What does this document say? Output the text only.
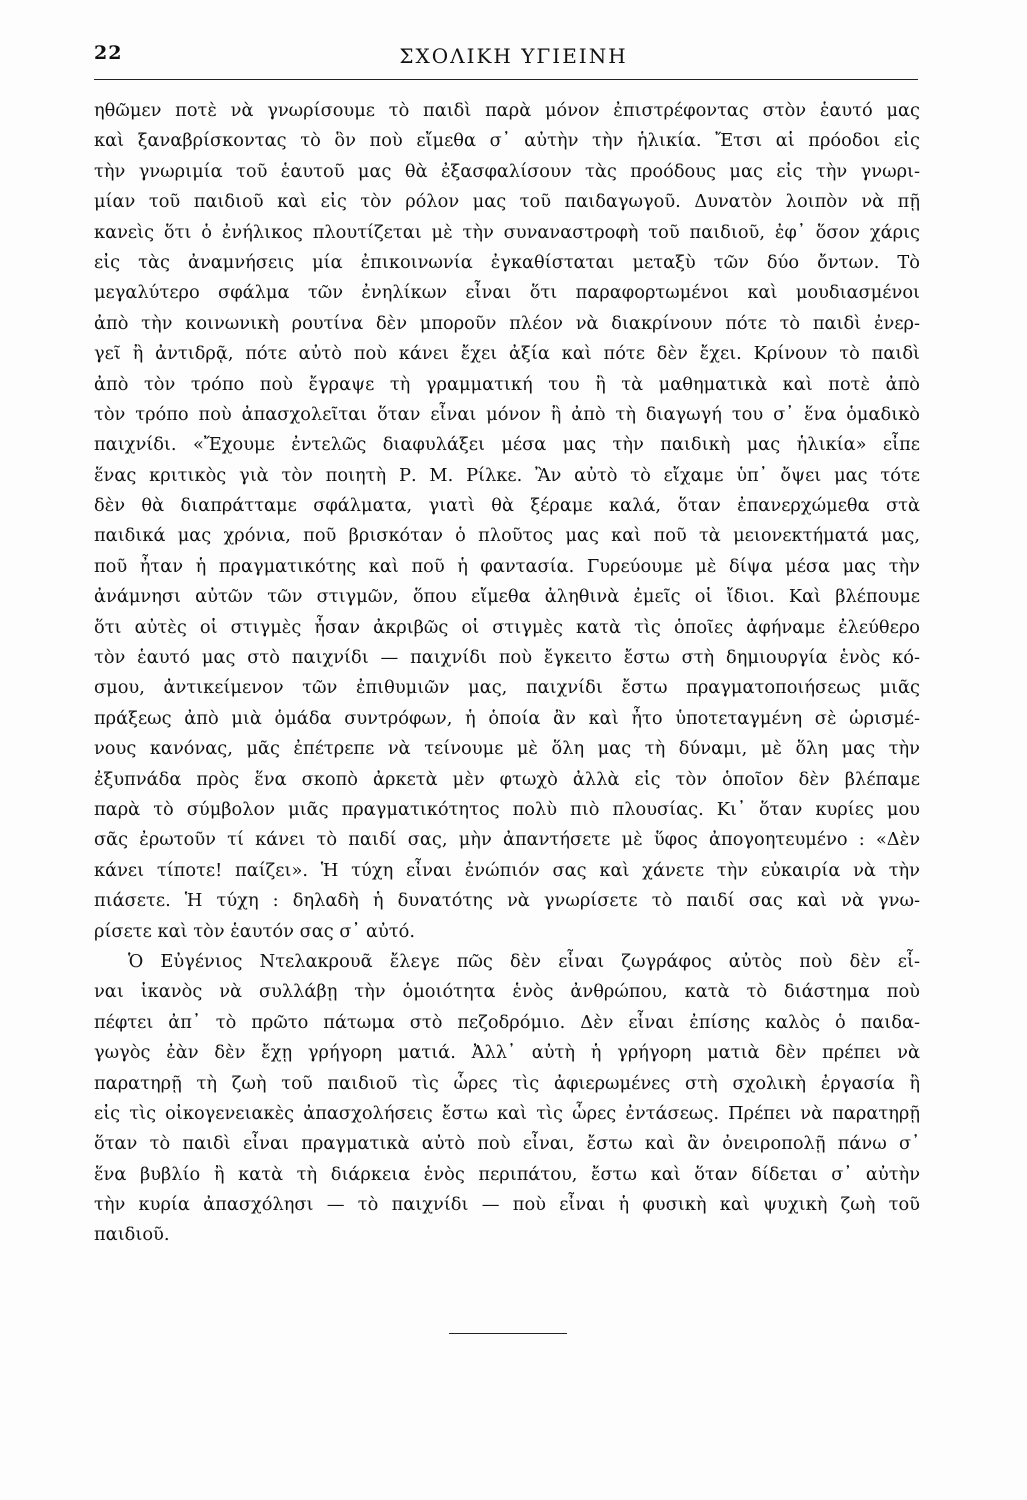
22	ΣΧΟΛΙΚΗ ΥΓΙΕΙΝΗ
ηθῶμεν ποτὲ νὰ γνωρίσουμε τὸ παιδὶ παρὰ μόνον ἐπιστρέφοντας στὸν ἑαυτό μας
καὶ ξαναβρίσκοντας τὸ ὃν ποὺ εἴμεθα σ᾽ αὐτὴν τὴν ἡλικία. Ἔτσι αἱ πρόοδοι εἰς
τὴν γνωριμία τοῦ ἑαυτοῦ μας θὰ ἐξασφαλίσουν τὰς προόδους μας εἰς τὴν γνωρι-
μίαν τοῦ παιδιοῦ καὶ εἰς τὸν ρόλον μας τοῦ παιδαγωγοῦ. Δυνατὸν λοιπὸν νὰ πῇ
κανεὶς ὅτι ὁ ἐνήλικος πλουτίζεται μὲ τὴν συναναστροφὴ τοῦ παιδιοῦ, ἐφ᾽ ὅσον χάρις
εἰς τὰς ἀναμνήσεις μία ἐπικοινωνία ἐγκαθίσταται μεταξὺ τῶν δύο ὄντων. Τὸ
μεγαλύτερο σφάλμα τῶν ἐνηλίκων εἶναι ὅτι παραφορτωμένοι καὶ μουδιασμένοι
ἀπὸ τὴν κοινωνικὴ ρουτίνα δὲν μποροῦν πλέον νὰ διακρίνουν πότε τὸ παιδὶ ἐνερ-
γεῖ ἢ ἀντιδρᾷ, πότε αὐτὸ ποὺ κάνει ἔχει ἀξία καὶ πότε δὲν ἔχει. Κρίνουν τὸ παιδὶ
ἀπὸ τὸν τρόπο ποὺ ἔγραψε τὴ γραμματική του ἢ τὰ μαθηματικὰ καὶ ποτὲ ἀπὸ
τὸν τρόπο ποὺ ἀπασχολεῖται ὅταν εἶναι μόνον ἢ ἀπὸ τὴ διαγωγή του σ᾽ ἕνα ὁμαδικὸ
παιχνίδι. «Ἔχουμε ἐντελῶς διαφυλάξει μέσα μας τὴν παιδικὴ μας ἡλικία» εἶπε
ἕνας κριτικὸς γιὰ τὸν ποιητὴ Ρ. Μ. Ρίλκε. Ἂν αὐτὸ τὸ εἴχαμε ὑπ᾽ ὄψει μας τότε
δὲν θὰ διαπράτταμε σφάλματα, γιατὶ θὰ ξέραμε καλά, ὅταν ἐπανερχώμεθα στὰ
παιδικά μας χρόνια, ποῦ βρισκόταν ὁ πλοῦτος μας καὶ ποῦ τὰ μειονεκτήματά μας,
ποῦ ἦταν ἡ πραγματικότης καὶ ποῦ ἡ φαντασία. Γυρεύουμε μὲ δίψα μέσα μας τὴν
ἀνάμνησι αὐτῶν τῶν στιγμῶν, ὅπου εἴμεθα ἀληθινὰ ἐμεῖς οἱ ἴδιοι. Καὶ βλέπουμε
ὅτι αὐτὲς οἱ στιγμὲς ἦσαν ἀκριβῶς οἱ στιγμὲς κατὰ τὶς ὁποῖες ἀφήναμε ἐλεύθερο
τὸν ἑαυτό μας στὸ παιχνίδι — παιχνίδι ποὺ ἔγκειτο ἔστω στὴ δημιουργία ἑνὸς κό-
σμου, ἀντικείμενον τῶν ἐπιθυμιῶν μας, παιχνίδι ἔστω πραγματοποιήσεως μιᾶς
πράξεως ἀπὸ μιὰ ὁμάδα συντρόφων, ἡ ὁποία ἂν καὶ ἦτο ὑποτεταγμένη σὲ ὡρισμέ-
νους κανόνας, μᾶς ἐπέτρεπε νὰ τείνουμε μὲ ὅλη μας τὴ δύναμι, μὲ ὅλη μας τὴν
ἐξυπνάδα πρὸς ἕνα σκοπὸ ἀρκετὰ μὲν φτωχὸ ἀλλὰ εἰς τὸν ὁποῖον δὲν βλέπαμε
παρὰ τὸ σύμβολον μιᾶς πραγματικότητος πολὺ πιὸ πλουσίας. Κι᾽ ὅταν κυρίες μου
σᾶς ἐρωτοῦν τί κάνει τὸ παιδί σας, μὴν ἀπαντήσετε μὲ ὕφος ἀπογοητευμένο : «Δὲν
κάνει τίποτε! παίζει». Ἡ τύχη εἶναι ἐνώπιόν σας καὶ χάνετε τὴν εὐκαιρία νὰ τὴν
πιάσετε. Ἡ τύχη : δηλαδὴ ἡ δυνατότης νὰ γνωρίσετε τὸ παιδί σας καὶ νὰ γνω-
ρίσετε καὶ τὸν ἑαυτόν σας σ᾽ αὐτό.
Ὁ Εὐγένιος Ντελακρουᾶ ἔλεγε πῶς δὲν εἶναι ζωγράφος αὐτὸς ποὺ δὲν εἶ-
ναι ἱκανὸς νὰ συλλάβῃ τὴν ὁμοιότητα ἑνὸς ἀνθρώπου, κατὰ τὸ διάστημα ποὺ
πέφτει ἀπ᾽ τὸ πρῶτο πάτωμα στὸ πεζοδρόμιο. Δὲν εἶναι ἐπίσης καλὸς ὁ παιδα-
γωγὸς ἐὰν δὲν ἔχῃ γρήγορη ματιά. Ἀλλ᾽ αὐτὴ ἡ γρήγορη ματιὰ δὲν πρέπει νὰ
παρατηρῇ τὴ ζωὴ τοῦ παιδιοῦ τὶς ὧρες τὶς ἀφιερωμένες στὴ σχολικὴ ἐργασία ἢ
εἰς τὶς οἰκογενειακὲς ἀπασχολήσεις ἔστω καὶ τὶς ὧρες ἐντάσεως. Πρέπει νὰ παρατηρῇ
ὅταν τὸ παιδὶ εἶναι πραγματικὰ αὐτὸ ποὺ εἶναι, ἔστω καὶ ἂν ὀνειροπολῇ πάνω σ᾽
ἕνα βυβλίο ἢ κατὰ τὴ διάρκεια ἑνὸς περιπάτου, ἔστω καὶ ὅταν δίδεται σ᾽ αὐτὴν
τὴν κυρία ἀπασχόλησι — τὸ παιχνίδι — ποὺ εἶναι ἡ φυσικὴ καὶ ψυχικὴ ζωὴ τοῦ
παιδιοῦ.
